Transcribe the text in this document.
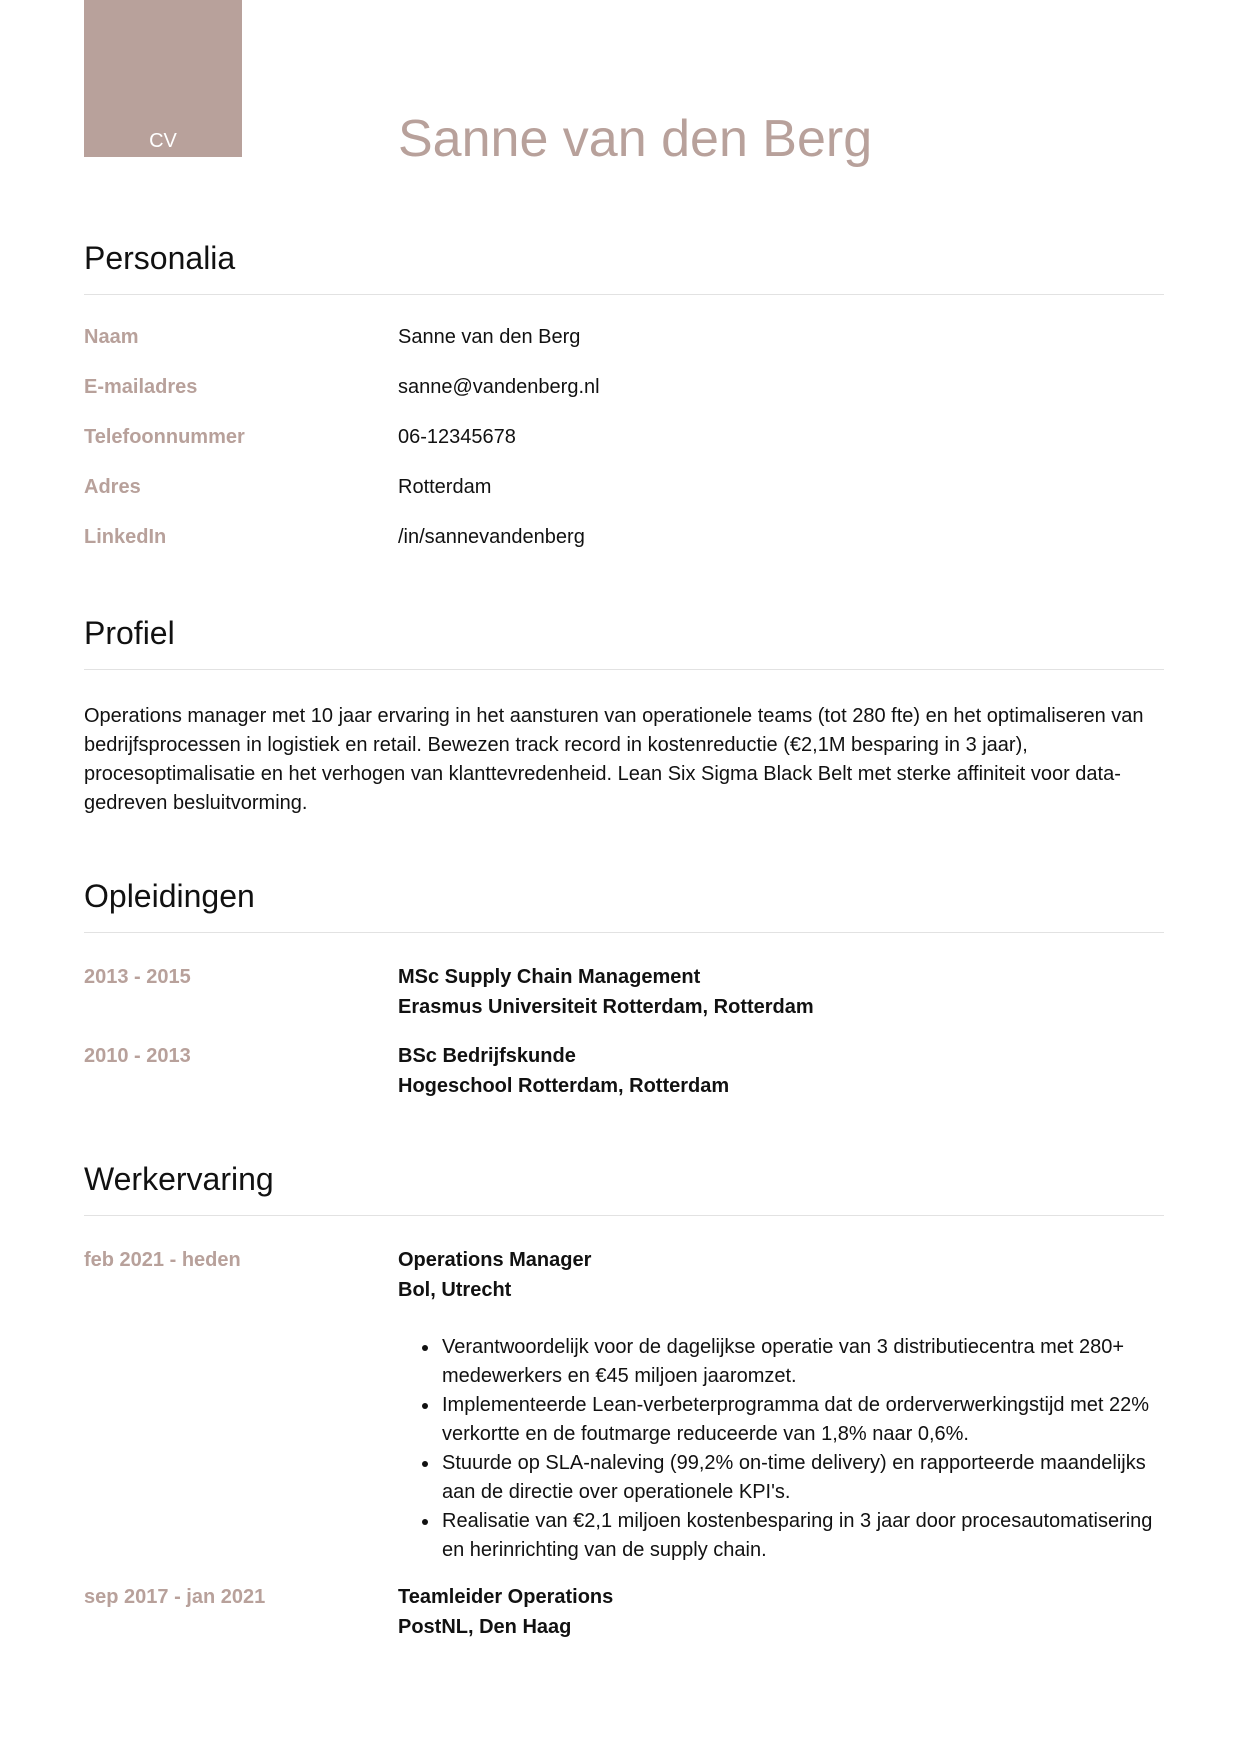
CV	Sanne van den Berg
Personalia
Naam	Sanne van den Berg
E-mailadres	sanne@vandenberg.nl
Telefoonnummer	06-12345678
Adres	Rotterdam
LinkedIn	/in/sannevandenberg
Profiel

Operations manager met 10 jaar ervaring in het aansturen van operationele teams (tot 280 fte) en het optimaliseren van bedrijfsprocessen in logistiek en retail. Bewezen track record in kostenreductie (€2,1M besparing in 3 jaar), procesoptimalisatie en het verhogen van klanttevredenheid. Lean Six Sigma Black Belt met sterke affiniteit voor data-gedreven besluitvorming.

Opleidingen
2013 - 2015	MSc Supply Chain Management
Erasmus Universiteit Rotterdam, Rotterdam
2010 - 2013	BSc Bedrijfskunde
Hogeschool Rotterdam, Rotterdam
Werkervaring
feb 2021 - heden	Operations Manager
Bol, Utrecht
• Verantwoordelijk voor de dagelijkse operatie van 3 distributiecentra met 280+ medewerkers en €45 miljoen jaaromzet.
• Implementeerde Lean-verbeterprogramma dat de orderverwerkingstijd met 22% verkortte en de foutmarge reduceerde van 1,8% naar 0,6%.
• Stuurde op SLA-naleving (99,2% on-time delivery) en rapporteerde maandelijks aan de directie over operationele KPI's.
• Realisatie van €2,1 miljoen kostenbesparing in 3 jaar door procesautomatisering en herinrichting van de supply chain.
sep 2017 - jan 2021	Teamleider Operations
PostNL, Den Haag
